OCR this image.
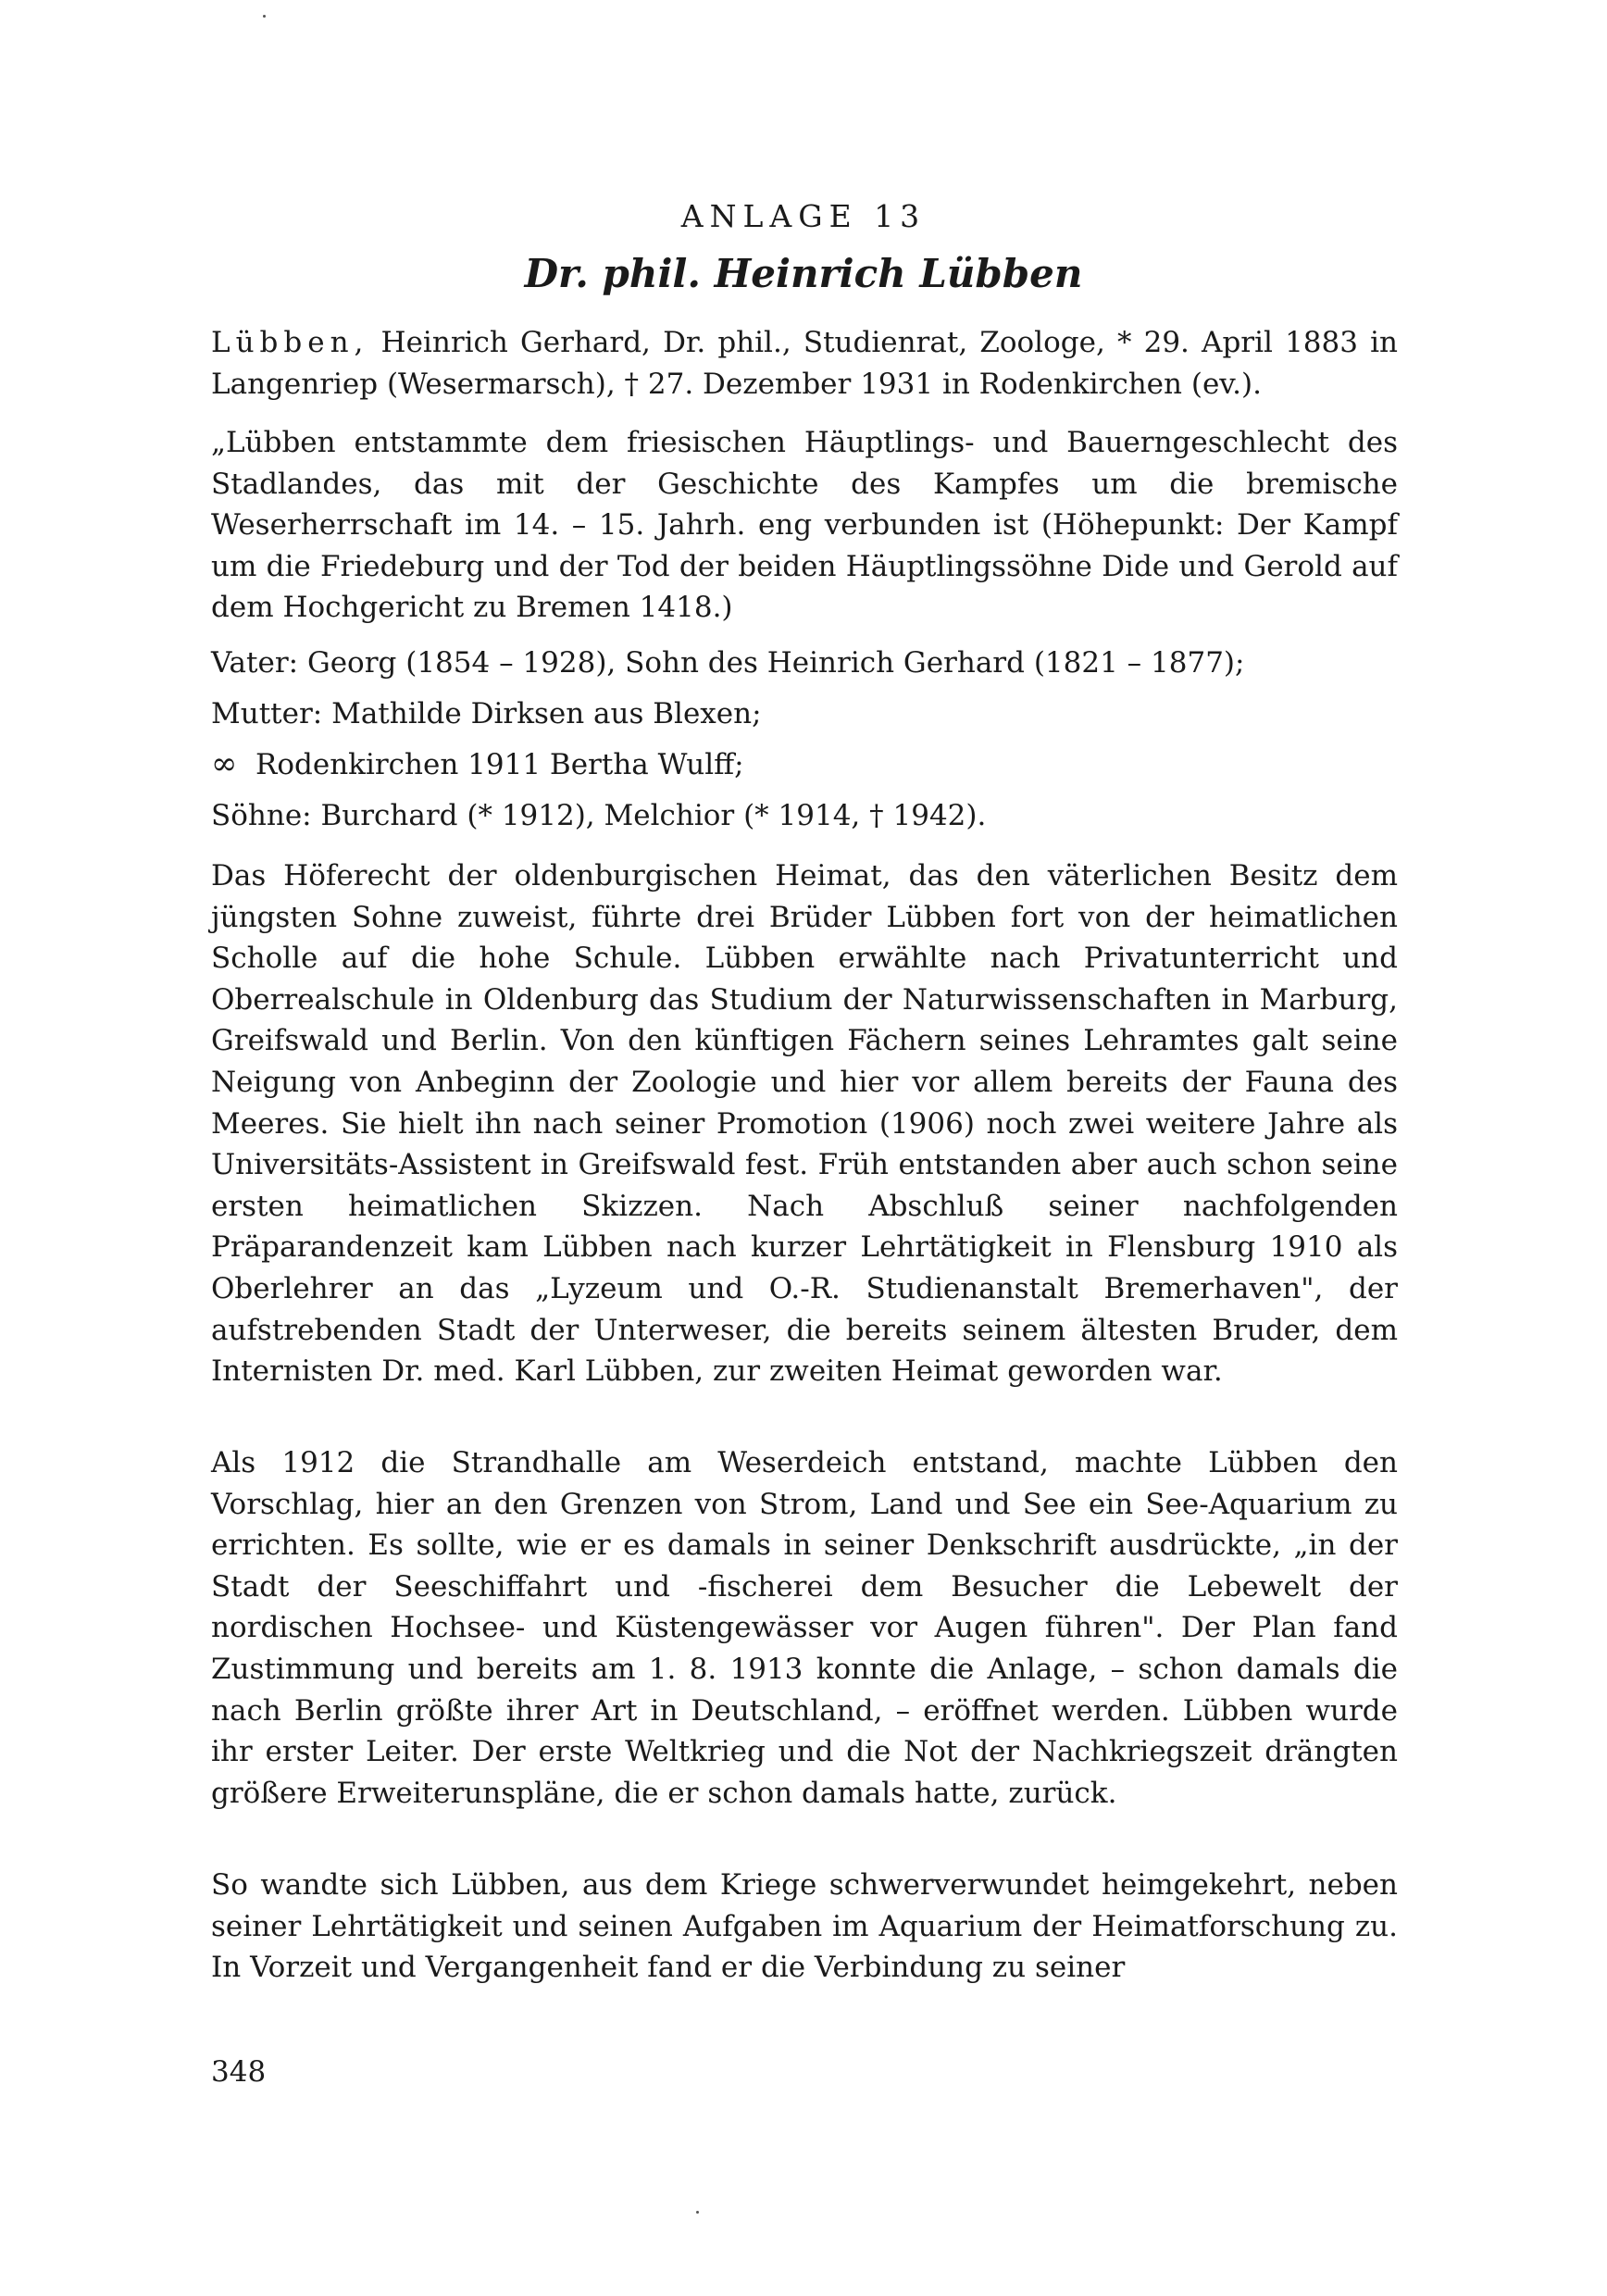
ANLAGE 13
Dr. phil. Heinrich Lübben

Lübben, Heinrich Gerhard, Dr. phil., Studienrat, Zoologe, * 29. April 1883 in Langenriep (Wesermarsch), † 27. Dezember 1931 in Rodenkirchen (ev.).

„Lübben entstammte dem friesischen Häuptlings- und Bauerngeschlecht des Stadlandes, das mit der Geschichte des Kampfes um die bremische Weserherrschaft im 14. – 15. Jahrh. eng verbunden ist (Höhepunkt: Der Kampf um die Friedeburg und der Tod der beiden Häuptlingssöhne Dide und Gerold auf dem Hochgericht zu Bremen 1418.)

Vater: Georg (1854 – 1928), Sohn des Heinrich Gerhard (1821 – 1877);

Mutter: Mathilde Dirksen aus Blexen;

∞ Rodenkirchen 1911 Bertha Wulff;

Söhne: Burchard (* 1912), Melchior (* 1914, † 1942).

Das Höferecht der oldenburgischen Heimat, das den väterlichen Besitz dem jüngsten Sohne zuweist, führte drei Brüder Lübben fort von der heimatlichen Scholle auf die hohe Schule. Lübben erwählte nach Privatunterricht und Oberrealschule in Oldenburg das Studium der Naturwissenschaften in Marburg, Greifswald und Berlin. Von den künftigen Fächern seines Lehramtes galt seine Neigung von Anbeginn der Zoologie und hier vor allem bereits der Fauna des Meeres. Sie hielt ihn nach seiner Promotion (1906) noch zwei weitere Jahre als Universitäts-Assistent in Greifswald fest. Früh entstanden aber auch schon seine ersten heimatlichen Skizzen. Nach Abschluß seiner nachfolgenden Präparandenzeit kam Lübben nach kurzer Lehrtätigkeit in Flensburg 1910 als Oberlehrer an das „Lyzeum und O.-R. Studienanstalt Bremerhaven", der aufstrebenden Stadt der Unterweser, die bereits seinem ältesten Bruder, dem Internisten Dr. med. Karl Lübben, zur zweiten Heimat geworden war.

Als 1912 die Strandhalle am Weserdeich entstand, machte Lübben den Vorschlag, hier an den Grenzen von Strom, Land und See ein See-Aquarium zu errichten. Es sollte, wie er es damals in seiner Denkschrift ausdrückte, „in der Stadt der Seeschiffahrt und -fischerei dem Besucher die Lebewelt der nordischen Hochsee- und Küstengewässer vor Augen führen". Der Plan fand Zustimmung und bereits am 1. 8. 1913 konnte die Anlage, – schon damals die nach Berlin größte ihrer Art in Deutschland, – eröffnet werden. Lübben wurde ihr erster Leiter. Der erste Weltkrieg und die Not der Nachkriegszeit drängten größere Erweiterunspläne, die er schon damals hatte, zurück.

So wandte sich Lübben, aus dem Kriege schwerverwundet heimgekehrt, neben seiner Lehrtätigkeit und seinen Aufgaben im Aquarium der Heimatforschung zu. In Vorzeit und Vergangenheit fand er die Verbindung zu seiner

348
